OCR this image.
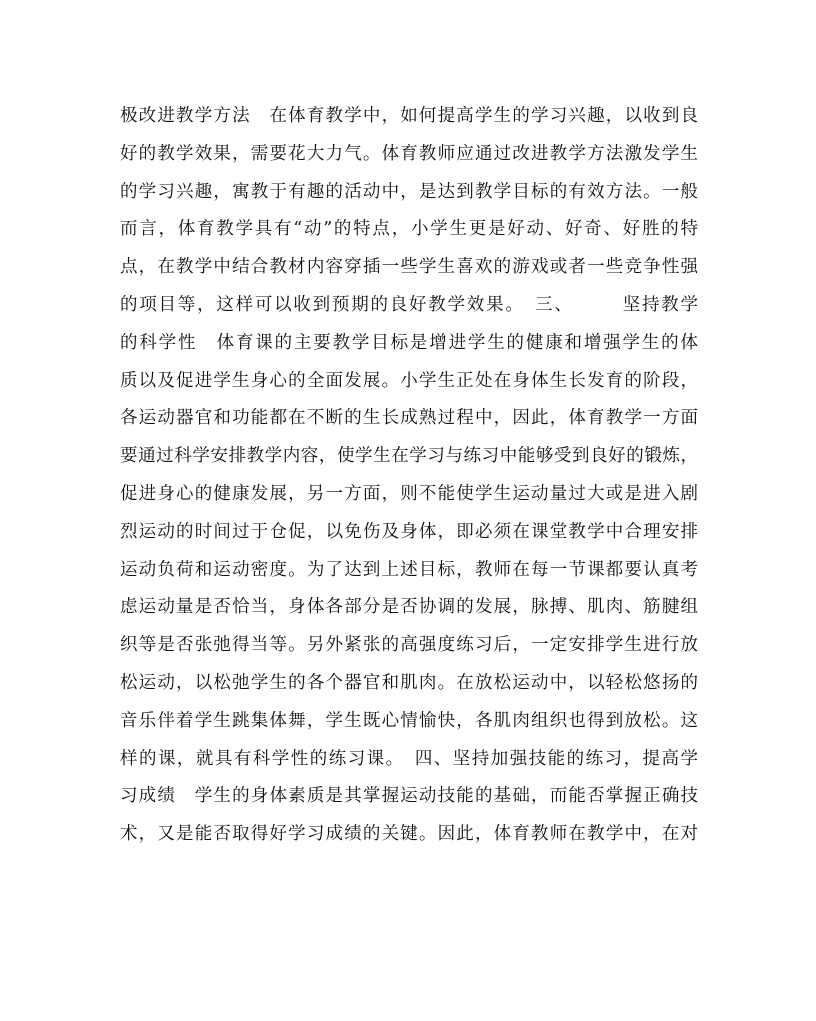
极改进教学方法　在体育教学中，如何提高学生的学习兴趣，以收到良
好的教学效果，需要花大力气。体育教师应通过改进教学方法激发学生
的学习兴趣，寓教于有趣的活动中，是达到教学目标的有效方法。一般
而言，体育教学具有“动”的特点，小学生更是好动、好奇、好胜的特
点，在教学中结合教材内容穿插一些学生喜欢的游戏或者一些竞争性强
的项目等，这样可以收到预期的良好教学效果。　三、　　　坚持教学
的科学性　体育课的主要教学目标是增进学生的健康和增强学生的体
质以及促进学生身心的全面发展。小学生正处在身体生长发育的阶段，
各运动器官和功能都在不断的生长成熟过程中，因此，体育教学一方面
要通过科学安排教学内容，使学生在学习与练习中能够受到良好的锻炼，
促进身心的健康发展，另一方面，则不能使学生运动量过大或是进入剧
烈运动的时间过于仓促，以免伤及身体，即必须在课堂教学中合理安排
运动负荷和运动密度。为了达到上述目标，教师在每一节课都要认真考
虑运动量是否恰当，身体各部分是否协调的发展，脉搏、肌肉、筋腱组
织等是否张弛得当等。另外紧张的高强度练习后，一定安排学生进行放
松运动，以松弛学生的各个器官和肌肉。在放松运动中，以轻松悠扬的
音乐伴着学生跳集体舞，学生既心情愉快，各肌肉组织也得到放松。这
样的课，就具有科学性的练习课。　四、坚持加强技能的练习，提高学
习成绩　学生的身体素质是其掌握运动技能的基础，而能否掌握正确技
术，又是能否取得好学习成绩的关键。因此，体育教师在教学中，在对
